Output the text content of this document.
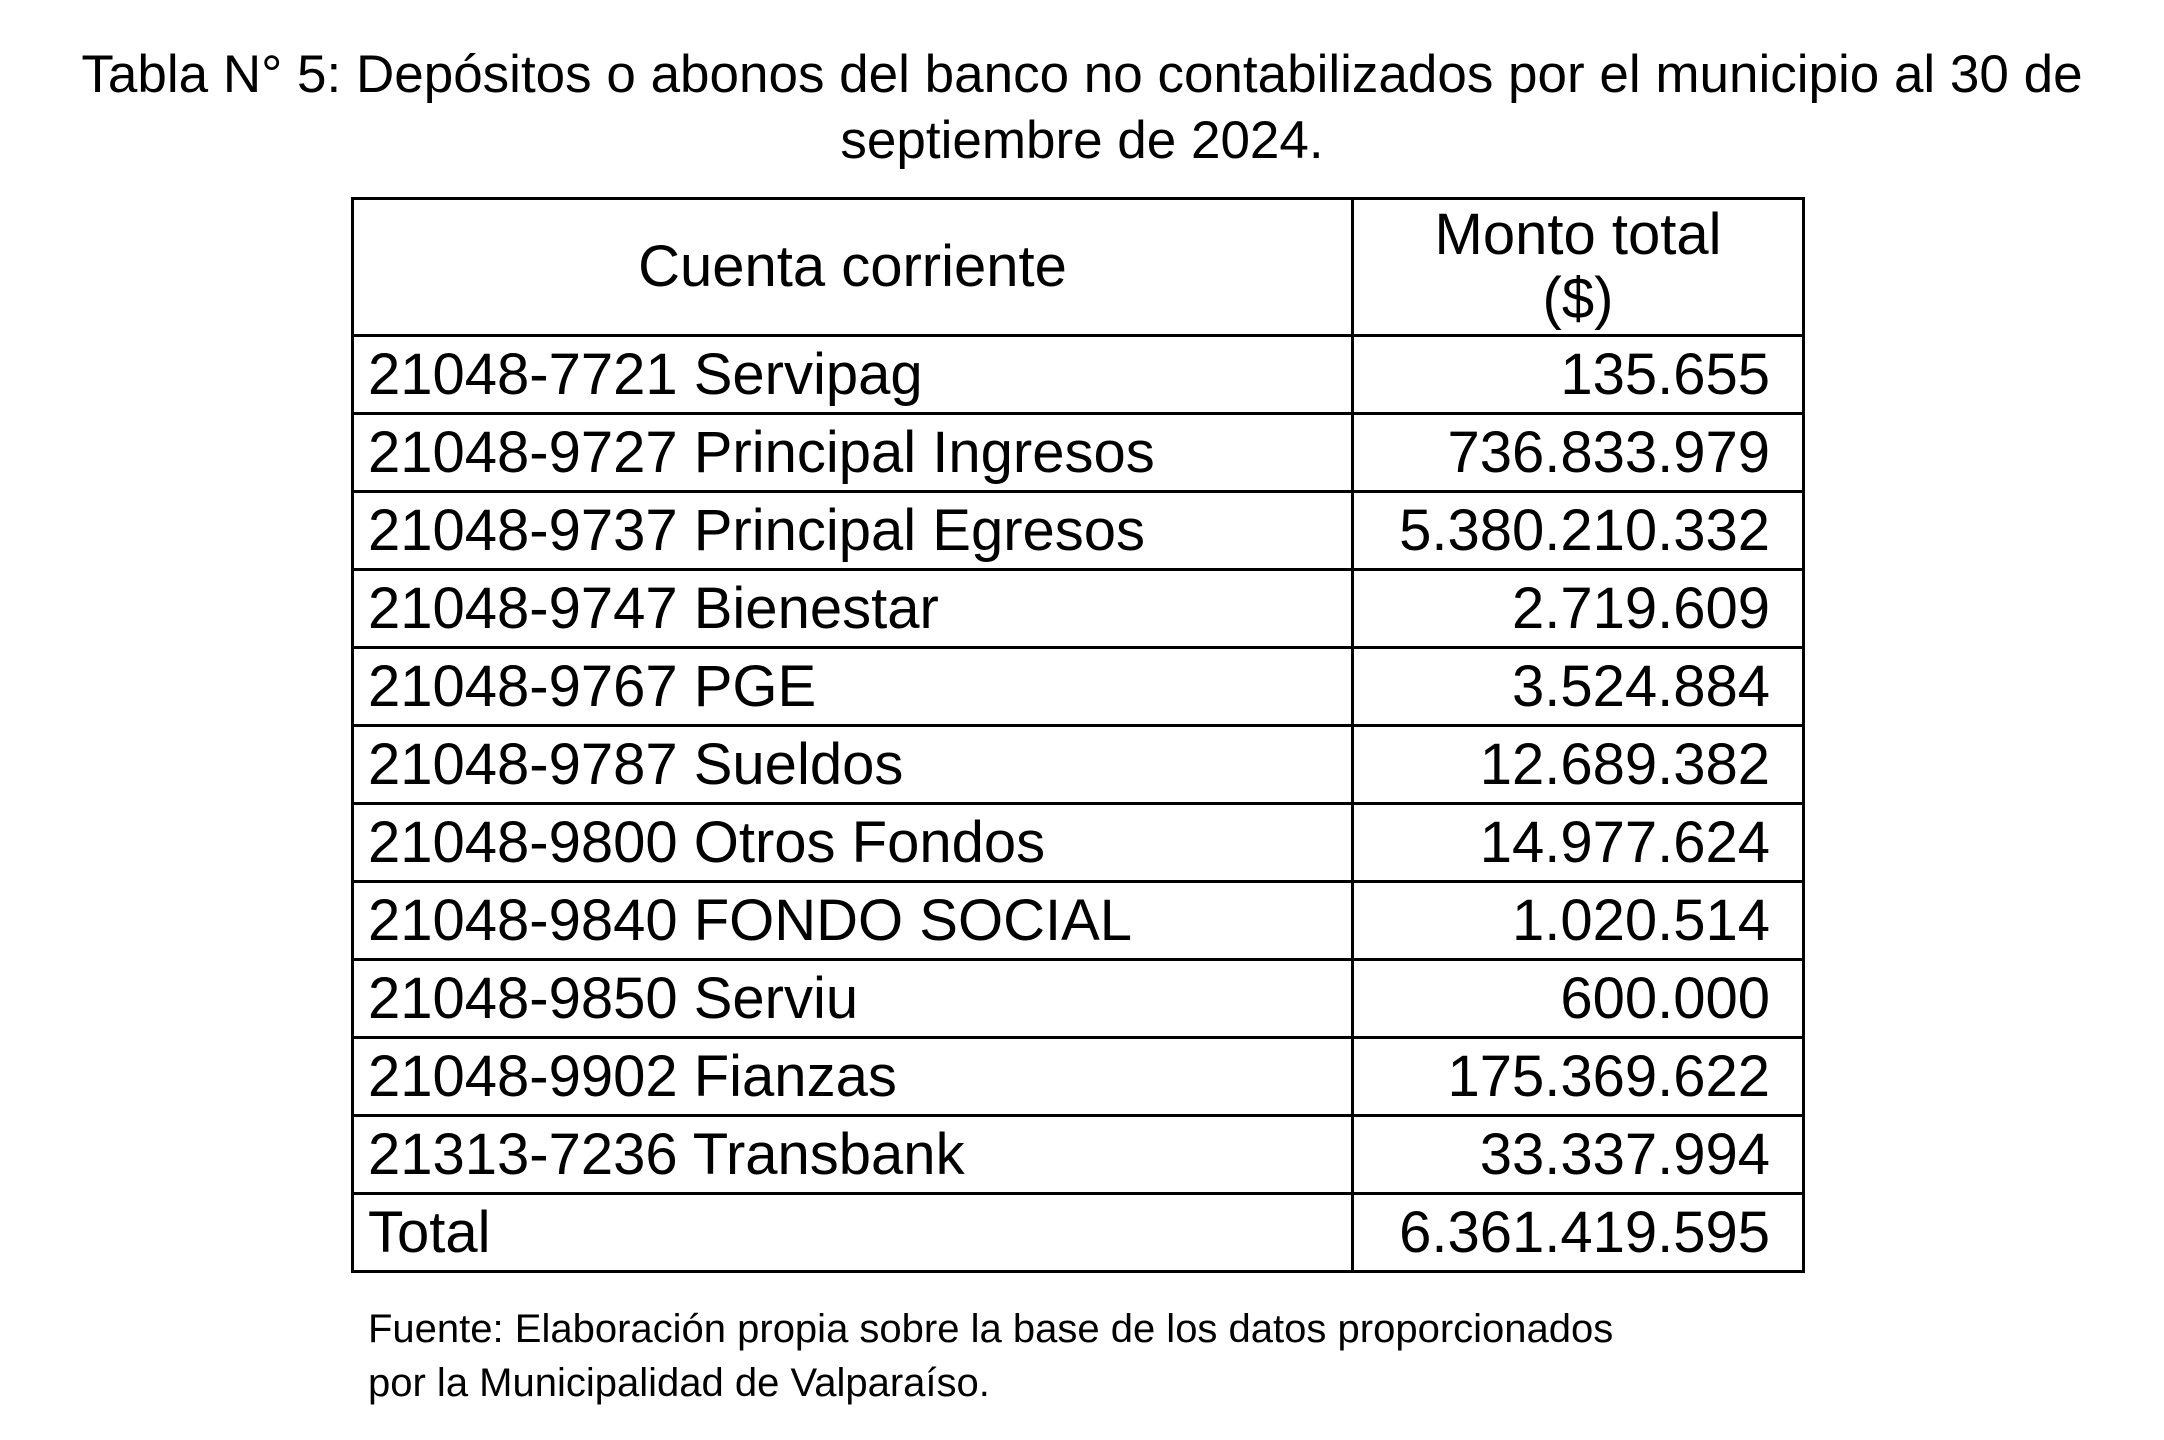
Tabla N° 5: Depósitos o abonos del banco no contabilizados por el municipio al 30 de
septiembre de 2024.
Cuenta corriente	Monto total
($)

21048-7721 Servipag	135.655
21048-9727 Principal Ingresos	736.833.979
21048-9737 Principal Egresos	5.380.210.332
21048-9747 Bienestar	2.719.609
21048-9767 PGE	3.524.884
21048-9787 Sueldos	12.689.382
21048-9800 Otros Fondos	14.977.624
21048-9840 FONDO SOCIAL	1.020.514
21048-9850 Serviu	600.000
21048-9902 Fianzas	175.369.622
21313-7236 Transbank	33.337.994
Total	6.361.419.595
Fuente: Elaboración propia sobre la base de los datos proporcionados
por la Municipalidad de Valparaíso.
